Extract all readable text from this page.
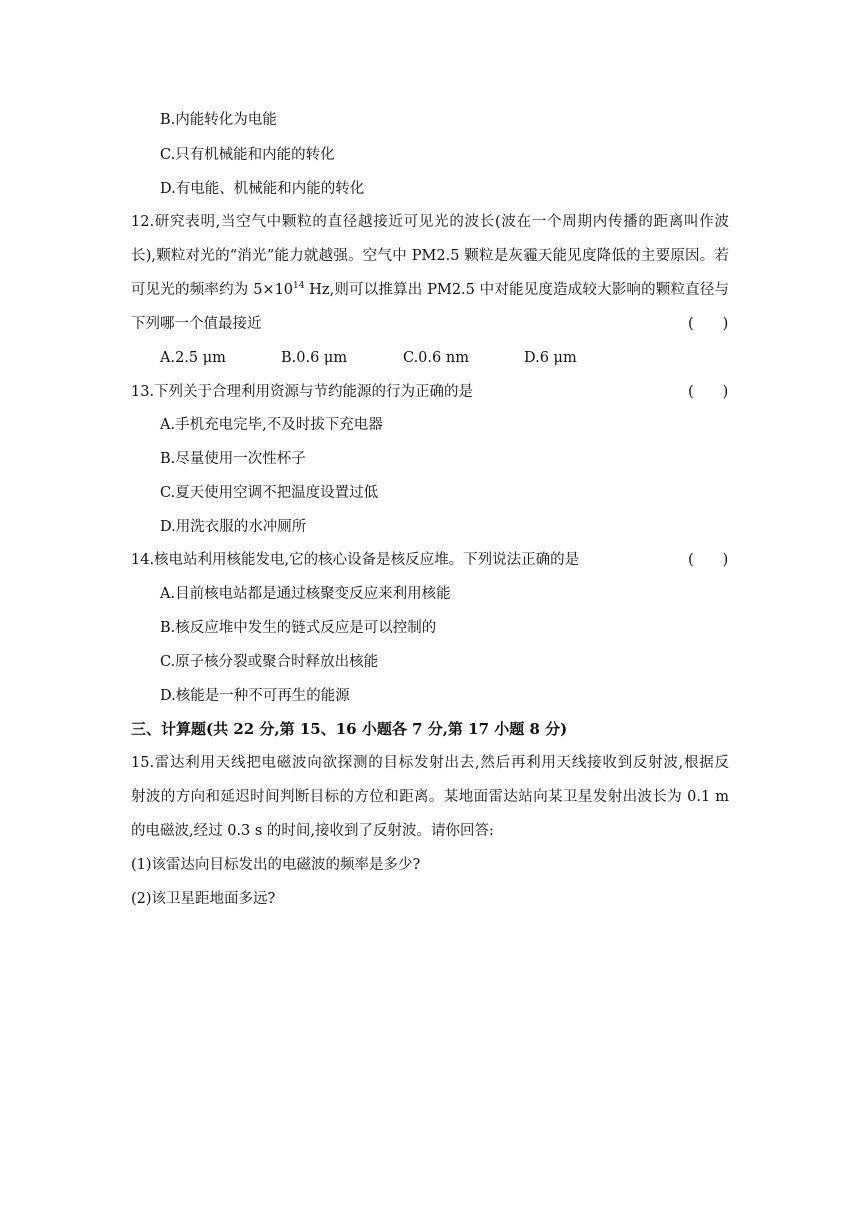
B.内能转化为电能
C.只有机械能和内能的转化
D.有电能、机械能和内能的转化
12.研究表明,当空气中颗粒的直径越接近可见光的波长(波在一个周期内传播的距离叫作波
长),颗粒对光的“消光”能力就越强。空气中 PM2.5 颗粒是灰霾天能见度降低的主要原因。若
可见光的频率约为 $5\times 10^{14}$ Hz,则可以推算出 PM2.5 中对能见度造成较大影响的颗粒直径与
下列哪一个值最接近	(　　)
A.2.5 μm	B.0.6 μm	C.0.6 nm	D.6 μm
13.下列关于合理利用资源与节约能源的行为正确的是	(　　)
A.手机充电完毕,不及时拔下充电器
B.尽量使用一次性杯子
C.夏天使用空调不把温度设置过低
D.用洗衣服的水冲厕所
14.核电站利用核能发电,它的核心设备是核反应堆。下列说法正确的是	(　　)
A.目前核电站都是通过核聚变反应来利用核能
B.核反应堆中发生的链式反应是可以控制的
C.原子核分裂或聚合时释放出核能
D.核能是一种不可再生的能源
三、计算题(共 22 分,第 15、16 小题各 7 分,第 17 小题 8 分)
15.雷达利用天线把电磁波向欲探测的目标发射出去,然后再利用天线接收到反射波,根据反
射波的方向和延迟时间判断目标的方位和距离。某地面雷达站向某卫星发射出波长为 0.1 m
的电磁波,经过 0.3 s 的时间,接收到了反射波。请你回答:
(1)该雷达向目标发出的电磁波的频率是多少?
(2)该卫星距地面多远?
